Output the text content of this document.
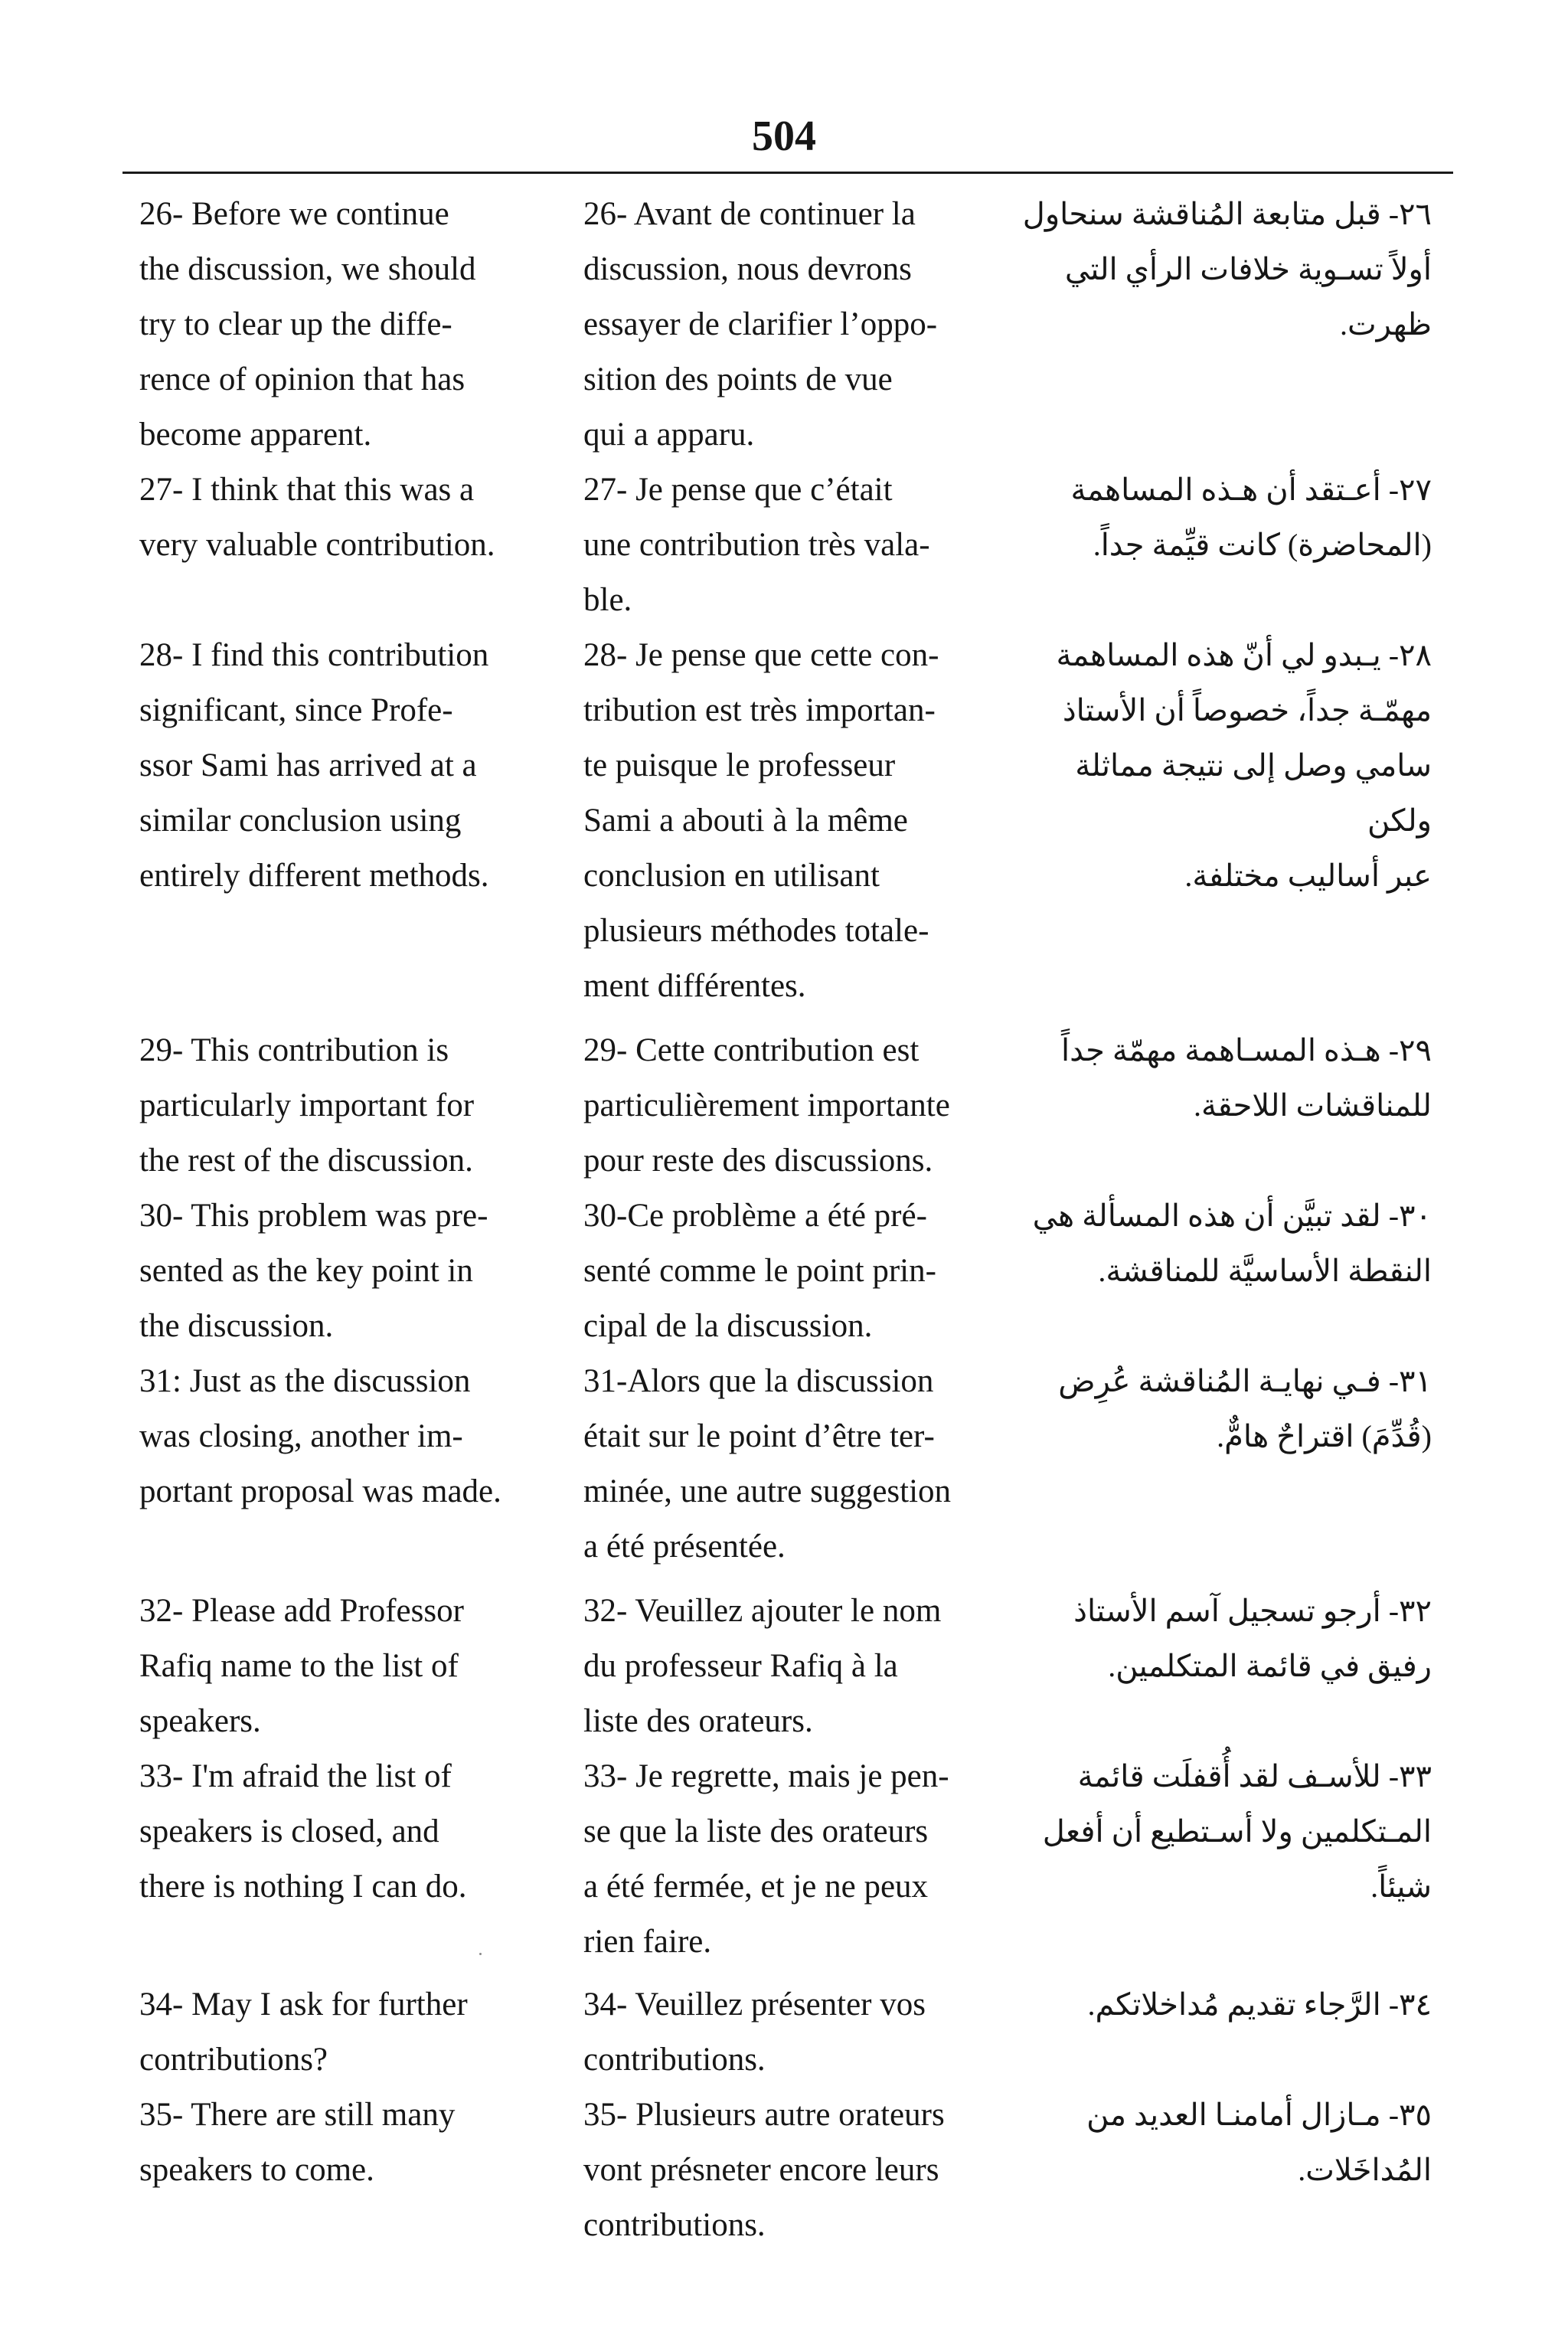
504

26- Before we continue
the discussion, we should
try to clear up the diffe-
rence of opinion that has
become apparent.

26- Avant de continuer la
discussion, nous devrons
essayer de clarifier l’oppo-
sition des points de vue
qui a apparu.

٢٦- قبل متابعة المُناقشة سنحاول
أولاً تسـوية خلافات الرأي التي
ظهرت.

27- I think that this was a
very valuable contribution.

27- Je pense que c’était
une contribution très vala-
ble.

٢٧- أعـتقد أن هـذه المساهمة
(المحاضرة) كانت قيِّمة جداً.

28- I find this contribution
significant, since Profe-
ssor Sami has arrived at a
similar conclusion using
entirely different methods.

28- Je pense que cette con-
tribution est très importan-
te puisque le professeur
Sami a abouti à la même
conclusion en utilisant
plusieurs méthodes totale-
ment différentes.

٢٨- يـبدو لي أنّ هذه المساهمة
مهمّـة جداً، خصوصاً أن الأستاذ
سامي وصل إلى نتيجة مماثلة ولكن
عبر أساليب مختلفة.

29- This contribution is
particularly important for
the rest of the discussion.

29- Cette contribution est
particulièrement importante
pour reste des discussions.

٢٩- هـذه المسـاهمة مهمّة جداً
للمناقشات اللاحقة.

30- This problem was pre-
sented as the key point in
the discussion.

30-Ce problème a été pré-
senté comme le point prin-
cipal de la discussion.

٣٠- لقد تبيَّن أن هذه المسألة هي
النقطة الأساسيَّة للمناقشة.

31: Just as the discussion
was closing, another im-
portant proposal was made.

31-Alors que la discussion
était sur le point d’être ter-
minée, une autre suggestion
a été présentée.

٣١- فـي نهايـة المُناقشة عُرِض
(قُدِّمَ) اقتراحٌ هامٌّ.

32- Please add Professor
Rafiq name to the list of
speakers.

32- Veuillez ajouter le nom
du professeur Rafiq à la
liste des orateurs.

٣٢- أرجو تسجيل آسم الأستاذ
رفيق في قائمة المتكلمين.

33- I'm afraid the list of
speakers is closed, and
there is nothing I can do.

33- Je regrette, mais je pen-
se que la liste des orateurs
a été fermée, et je ne peux
rien faire.

٣٣- للأسـف لقد أُقفلَت قائمة
المـتكلمين ولا أسـتطيع أن أفعل
شيئاً.

34- May I ask for further
contributions?

34- Veuillez présenter vos
contributions.

٣٤- الرَّجاء تقديم مُداخلاتكم.

35- There are still many
speakers to come.

35- Plusieurs autre orateurs
vont présneter encore leurs
contributions.

٣٥- مـازال أمامنـا العديد من
المُداخَلات.
